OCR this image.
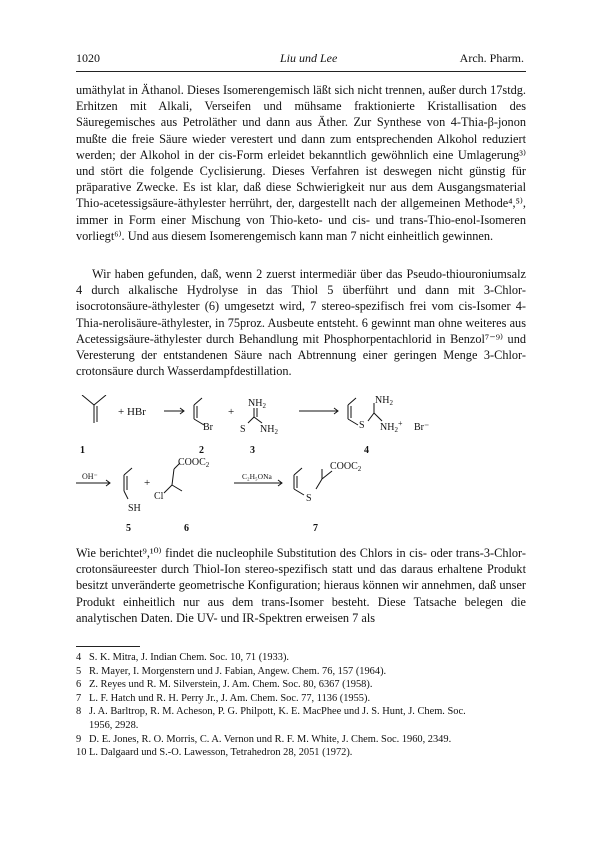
1020	Liu und Lee	Arch. Pharm.

umäthylat in Äthanol. Dieses Isomerengemisch läßt sich nicht trennen, außer durch 17stdg. Erhitzen mit Alkali, Verseifen und mühsame fraktionierte Kristallisation des Säuregemisches aus Petroläther und dann aus Äther. Zur Synthese von 4-Thia-β-jonon mußte die freie Säure wieder verestert und dann zum entsprechenden Alkohol reduziert werden; der Alkohol in der cis-Form erleidet bekanntlich gewöhnlich eine Umlagerung³⁾ und stört die folgende Cyclisierung. Dieses Verfahren ist deswegen nicht günstig für präparative Zwecke. Es ist klar, daß diese Schwierigkeit nur aus dem Ausgangsmaterial Thio-acetessigsäure-äthylester herrührt, der, dargestellt nach der allgemeinen Methode⁴,⁵⁾, immer in Form einer Mischung von Thio-keto- und cis- und trans-Thio-enol-Isomeren vorliegt⁶⁾. Und aus diesem Isomerengemisch kann man 7 nicht einheitlich gewinnen.

Wir haben gefunden, daß, wenn 2 zuerst intermediär über das Pseudo-thiouroniumsalz 4 durch alkalische Hydrolyse in das Thiol 5 überführt und dann mit 3-Chlor-isocrotonsäure-äthylester (6) umgesetzt wird, 7 stereo-spezifisch frei vom cis-Isomer 4-Thia-nerolisäure-äthylester, in 75proz. Ausbeute entsteht. 6 gewinnt man ohne weiteres aus Acetessigsäure-äthylester durch Behandlung mit Phosphorpentachlorid in Benzol⁷⁻⁹⁾ und Veresterung der entstandenen Säure nach Abtrennung einer geringen Menge 3-Chlor-crotonsäure durch Wasserdampfdestillation.

+ HBr
Br
+
$NH_2$
S $NH_2$
S
$NH_2$
$NH_2^+$ Br⁻
1	2	3	4
OH⁻
SH
+
Cl
$COOC_2$
C₂H₅ONa
S
$COOC_2$
5	6	7

Wie berichtet⁹,¹⁰⁾ findet die nucleophile Substitution des Chlors in cis- oder trans-3-Chlor-crotonsäureester durch Thiol-Ion stereo-spezifisch statt und das daraus erhaltene Produkt besitzt unveränderte geometrische Konfiguration; hieraus können wir annehmen, daß unser Produkt einheitlich nur aus dem trans-Isomer besteht. Diese Tatsache belegen die analytischen Daten. Die UV- und IR-Spektren erweisen 7 als

4 S. K. Mitra, J. Indian Chem. Soc. 10, 71 (1933).
5 R. Mayer, I. Morgenstern und J. Fabian, Angew. Chem. 76, 157 (1964).
6 Z. Reyes und R. M. Silverstein, J. Am. Chem. Soc. 80, 6367 (1958).
7 L. F. Hatch und R. H. Perry Jr., J. Am. Chem. Soc. 77, 1136 (1955).
8 J. A. Barltrop, R. M. Acheson, P. G. Philpott, K. E. MacPhee und J. S. Hunt, J. Chem. Soc.
1956, 2928.
9 D. E. Jones, R. O. Morris, C. A. Vernon und R. F. M. White, J. Chem. Soc. 1960, 2349.
10 L. Dalgaard und S.-O. Lawesson, Tetrahedron 28, 2051 (1972).
